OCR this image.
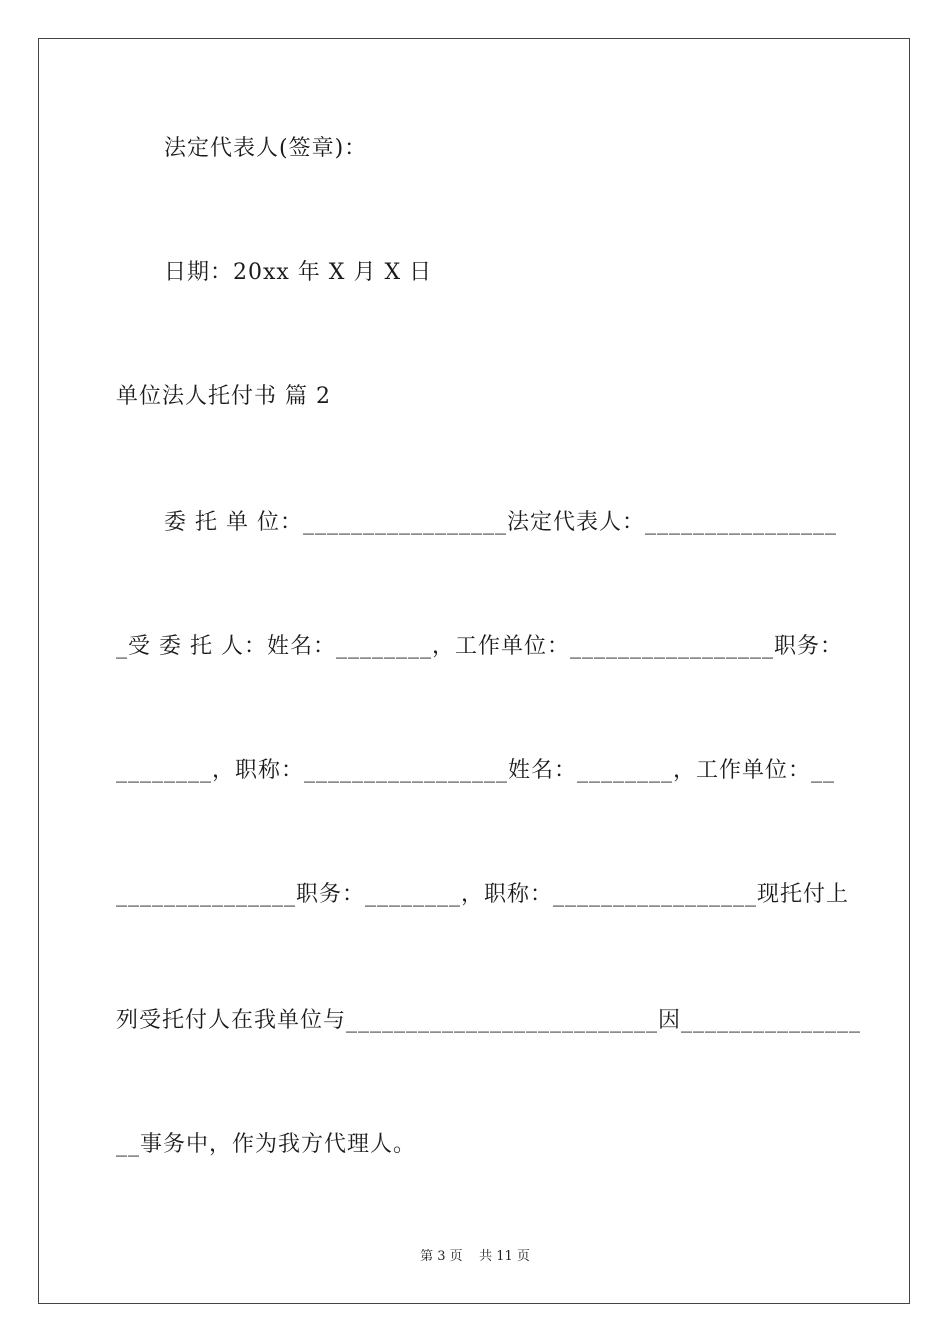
法定代表人(签章)：
日期：20xx 年 X 月 X 日
单位法人托付书 篇 2
委 托 单 位：_________________法定代表人：________________
_受 委 托 人：姓名：________，工作单位：_________________职务：
________，职称：_________________姓名：________，工作单位：__
_______________职务：________，职称：_________________现托付上
列受托付人在我单位与__________________________因_______________
__事务中，作为我方代理人。
第 3 页    共 11 页
